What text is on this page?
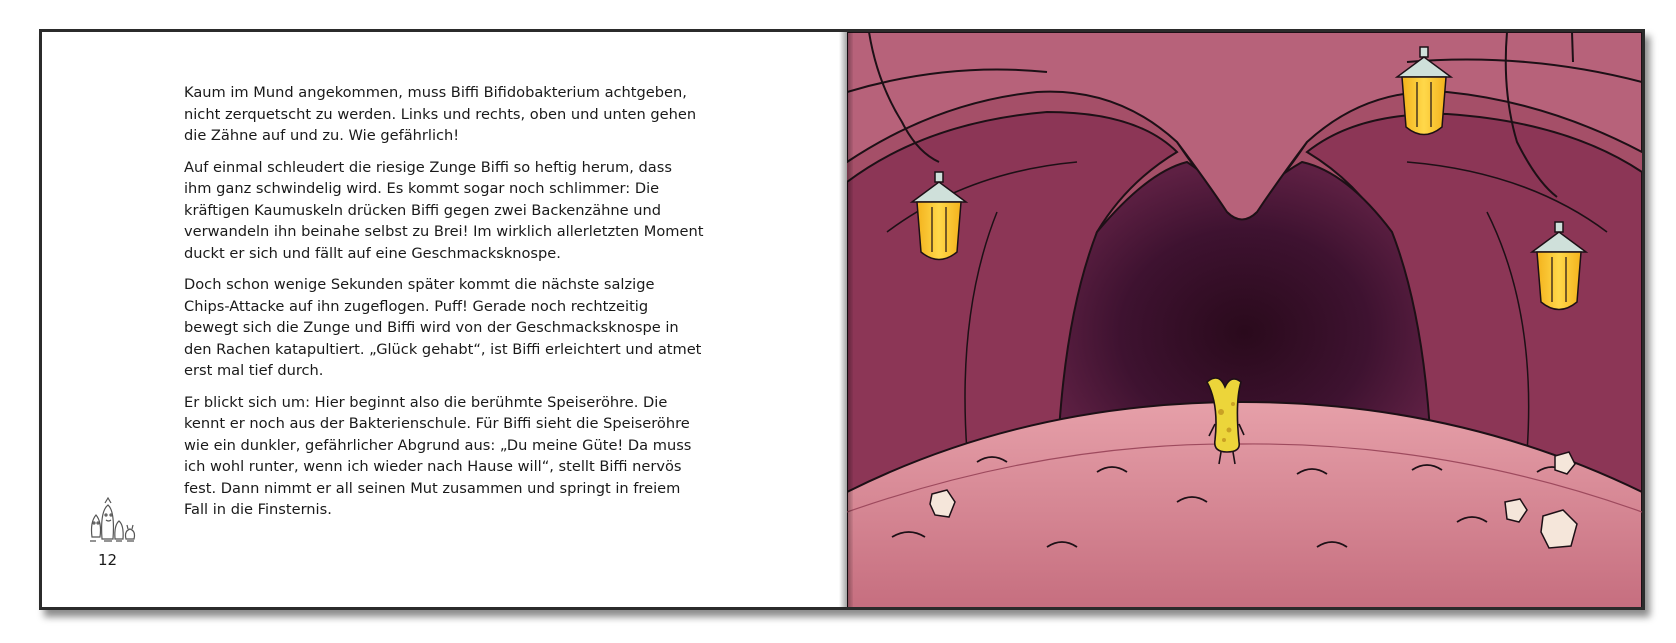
Kaum im Mund angekommen, muss Biffi Bifidobakterium achtgeben, nicht zerquetscht zu werden. Links und rechts, oben und unten gehen die Zähne auf und zu. Wie gefährlich!

Auf einmal schleudert die riesige Zunge Biffi so heftig herum, dass ihm ganz schwindelig wird. Es kommt sogar noch schlimmer: Die kräftigen Kaumuskeln drücken Biffi gegen zwei Backenzähne und verwandeln ihn beinahe selbst zu Brei! Im wirklich allerletzten Moment duckt er sich und fällt auf eine Geschmacksknospe.

Doch schon wenige Sekunden später kommt die nächste salzige Chips-Attacke auf ihn zugeflogen. Puff! Gerade noch rechtzeitig bewegt sich die Zunge und Biffi wird von der Geschmacksknospe in den Rachen katapultiert. „Glück gehabt“, ist Biffi erleichtert und atmet erst mal tief durch.

Er blickt sich um: Hier beginnt also die berühmte Speiseröhre. Die kennt er noch aus der Bakterienschule. Für Biffi sieht die Speiseröhre wie ein dunkler, gefährlicher Abgrund aus: „Du meine Güte! Da muss ich wohl runter, wenn ich wieder nach Hause will“, stellt Biffi nervös fest. Dann nimmt er all seinen Mut zusammen und springt in freiem Fall in die Finsternis.

12
